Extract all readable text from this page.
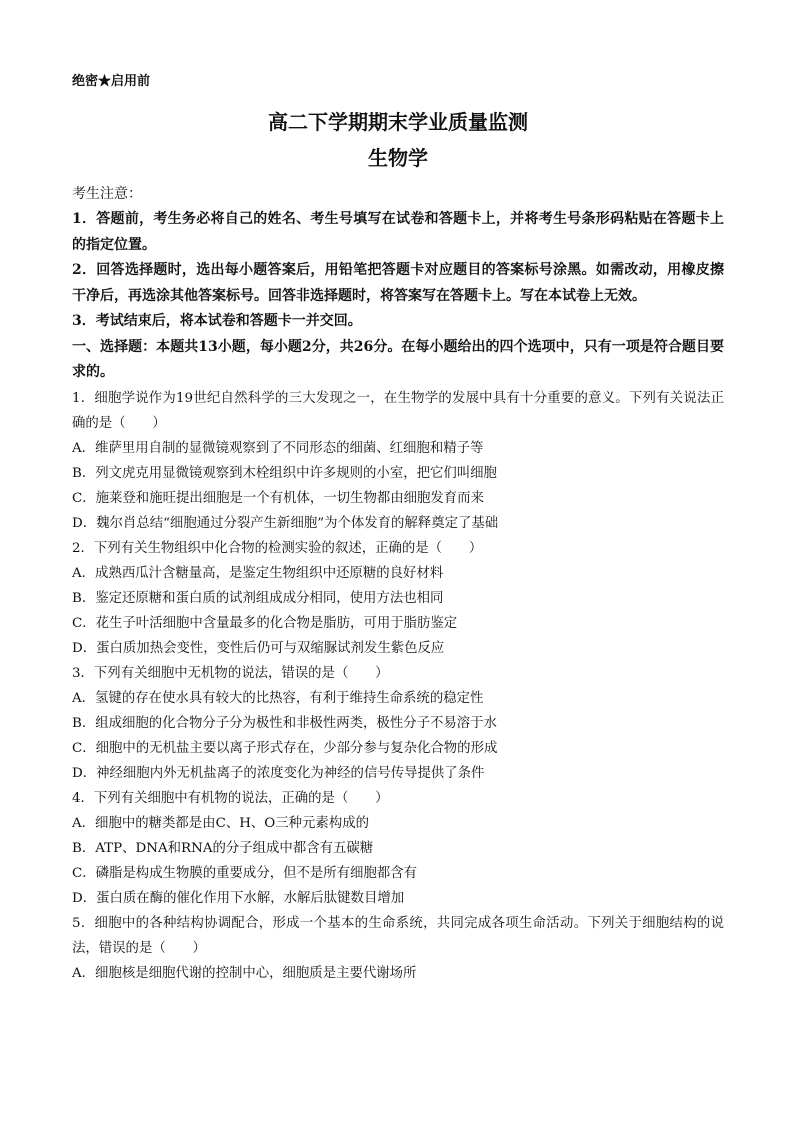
绝密★启用前
高二下学期期末学业质量监测
生物学
考生注意：
1．答题前，考生务必将自己的姓名、考生号填写在试卷和答题卡上，并将考生号条形码粘贴在答题卡上的指定位置。
2．回答选择题时，选出每小题答案后，用铅笔把答题卡对应题目的答案标号涂黑。如需改动，用橡皮擦干净后，再选涂其他答案标号。回答非选择题时，将答案写在答题卡上。写在本试卷上无效。
3．考试结束后，将本试卷和答题卡一并交回。
一、选择题：本题共13小题，每小题2分，共26分。在每小题给出的四个选项中，只有一项是符合题目要求的。
1．细胞学说作为19世纪自然科学的三大发现之一，在生物学的发展中具有十分重要的意义。下列有关说法正确的是（　　）
A．维萨里用自制的显微镜观察到了不同形态的细菌、红细胞和精子等
B．列文虎克用显微镜观察到木栓组织中许多规则的小室，把它们叫细胞
C．施莱登和施旺提出细胞是一个有机体，一切生物都由细胞发育而来
D．魏尔肖总结“细胞通过分裂产生新细胞”为个体发育的解释奠定了基础
2．下列有关生物组织中化合物的检测实验的叙述，正确的是（　　）
A．成熟西瓜汁含糖量高，是鉴定生物组织中还原糖的良好材料
B．鉴定还原糖和蛋白质的试剂组成成分相同，使用方法也相同
C．花生子叶活细胞中含量最多的化合物是脂肪，可用于脂肪鉴定
D．蛋白质加热会变性，变性后仍可与双缩脲试剂发生紫色反应
3．下列有关细胞中无机物的说法，错误的是（　　）
A．氢键的存在使水具有较大的比热容，有利于维持生命系统的稳定性
B．组成细胞的化合物分子分为极性和非极性两类，极性分子不易溶于水
C．细胞中的无机盐主要以离子形式存在，少部分参与复杂化合物的形成
D．神经细胞内外无机盐离子的浓度变化为神经的信号传导提供了条件
4．下列有关细胞中有机物的说法，正确的是（　　）
A．细胞中的糖类都是由C、H、O三种元素构成的
B．ATP、DNA和RNA的分子组成中都含有五碳糖
C．磷脂是构成生物膜的重要成分，但不是所有细胞都含有
D．蛋白质在酶的催化作用下水解，水解后肽键数目增加
5．细胞中的各种结构协调配合，形成一个基本的生命系统，共同完成各项生命活动。下列关于细胞结构的说法，错误的是（　　）
A．细胞核是细胞代谢的控制中心，细胞质是主要代谢场所
